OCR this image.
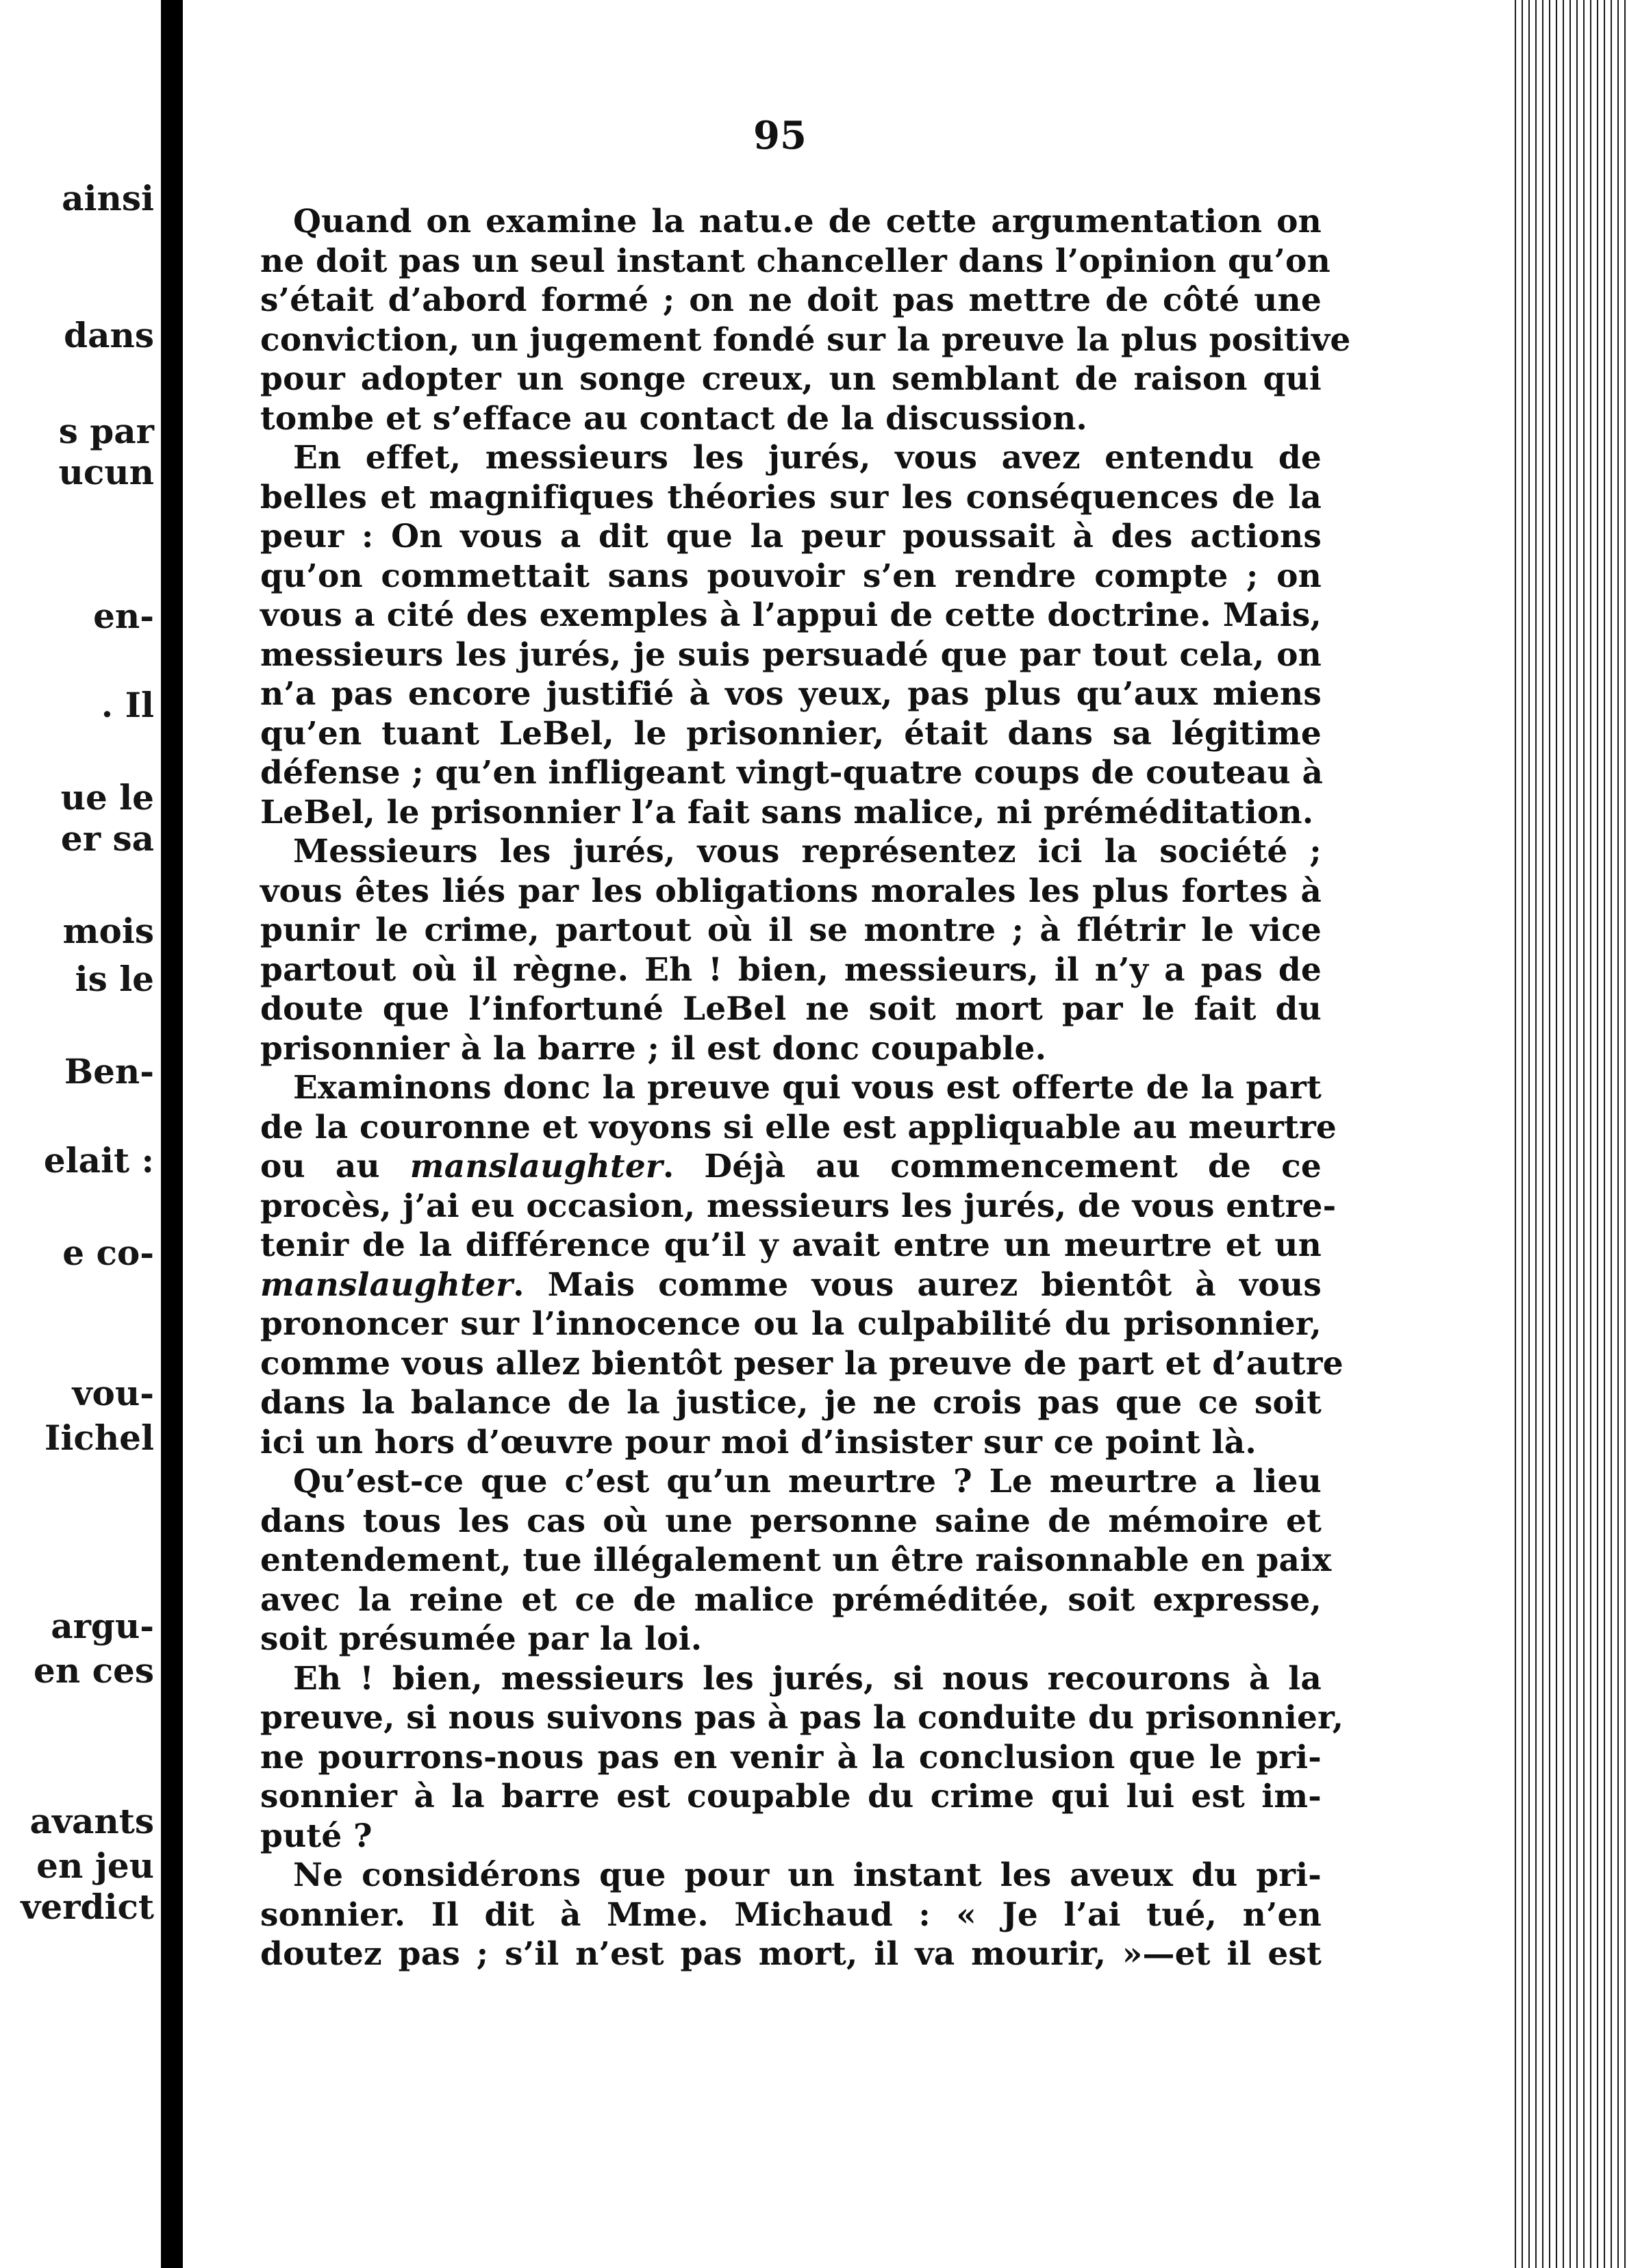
ainsi
dans
s par
ucun
en-
. Il
ue le
er sa
mois
is le
Ben-
elait :
e co-
vou-
Iichel
argu-
en ces
avants
en jeu
verdict
95
Quand on examine la natu.e de cette argumentation on
ne doit pas un seul instant chanceller dans l’opinion qu’on
s’était d’abord formé ; on ne doit pas mettre de côté une
conviction, un jugement fondé sur la preuve la plus positive
pour adopter un songe creux, un semblant de raison qui
tombe et s’efface au contact de la discussion.
En effet, messieurs les jurés, vous avez entendu de
belles et magnifiques théories sur les conséquences de la
peur : On vous a dit que la peur poussait à des actions
qu’on commettait sans pouvoir s’en rendre compte ; on
vous a cité des exemples à l’appui de cette doctrine. Mais,
messieurs les jurés, je suis persuadé que par tout cela, on
n’a pas encore justifié à vos yeux, pas plus qu’aux miens
qu’en tuant LeBel, le prisonnier, était dans sa légitime
défense ; qu’en infligeant vingt-quatre coups de couteau à
LeBel, le prisonnier l’a fait sans malice, ni préméditation.
Messieurs les jurés, vous représentez ici la société ;
vous êtes liés par les obligations morales les plus fortes à
punir le crime, partout où il se montre ; à flétrir le vice
partout où il règne. Eh ! bien, messieurs, il n’y a pas de
doute que l’infortuné LeBel ne soit mort par le fait du
prisonnier à la barre ; il est donc coupable.
Examinons donc la preuve qui vous est offerte de la part
de la couronne et voyons si elle est appliquable au meurtre
ou au manslaughter. Déjà au commencement de ce
procès, j’ai eu occasion, messieurs les jurés, de vous entre-
tenir de la différence qu’il y avait entre un meurtre et un
manslaughter. Mais comme vous aurez bientôt à vous
prononcer sur l’innocence ou la culpabilité du prisonnier,
comme vous allez bientôt peser la preuve de part et d’autre
dans la balance de la justice, je ne crois pas que ce soit
ici un hors d’œuvre pour moi d’insister sur ce point là.
Qu’est-ce que c’est qu’un meurtre ? Le meurtre a lieu
dans tous les cas où une personne saine de mémoire et
entendement, tue illégalement un être raisonnable en paix
avec la reine et ce de malice préméditée, soit expresse,
soit présumée par la loi.
Eh ! bien, messieurs les jurés, si nous recourons à la
preuve, si nous suivons pas à pas la conduite du prisonnier,
ne pourrons-nous pas en venir à la conclusion que le pri-
sonnier à la barre est coupable du crime qui lui est im-
puté ?
Ne considérons que pour un instant les aveux du pri-
sonnier. Il dit à Mme. Michaud : « Je l’ai tué, n’en
doutez pas ; s’il n’est pas mort, il va mourir, »—et il est
